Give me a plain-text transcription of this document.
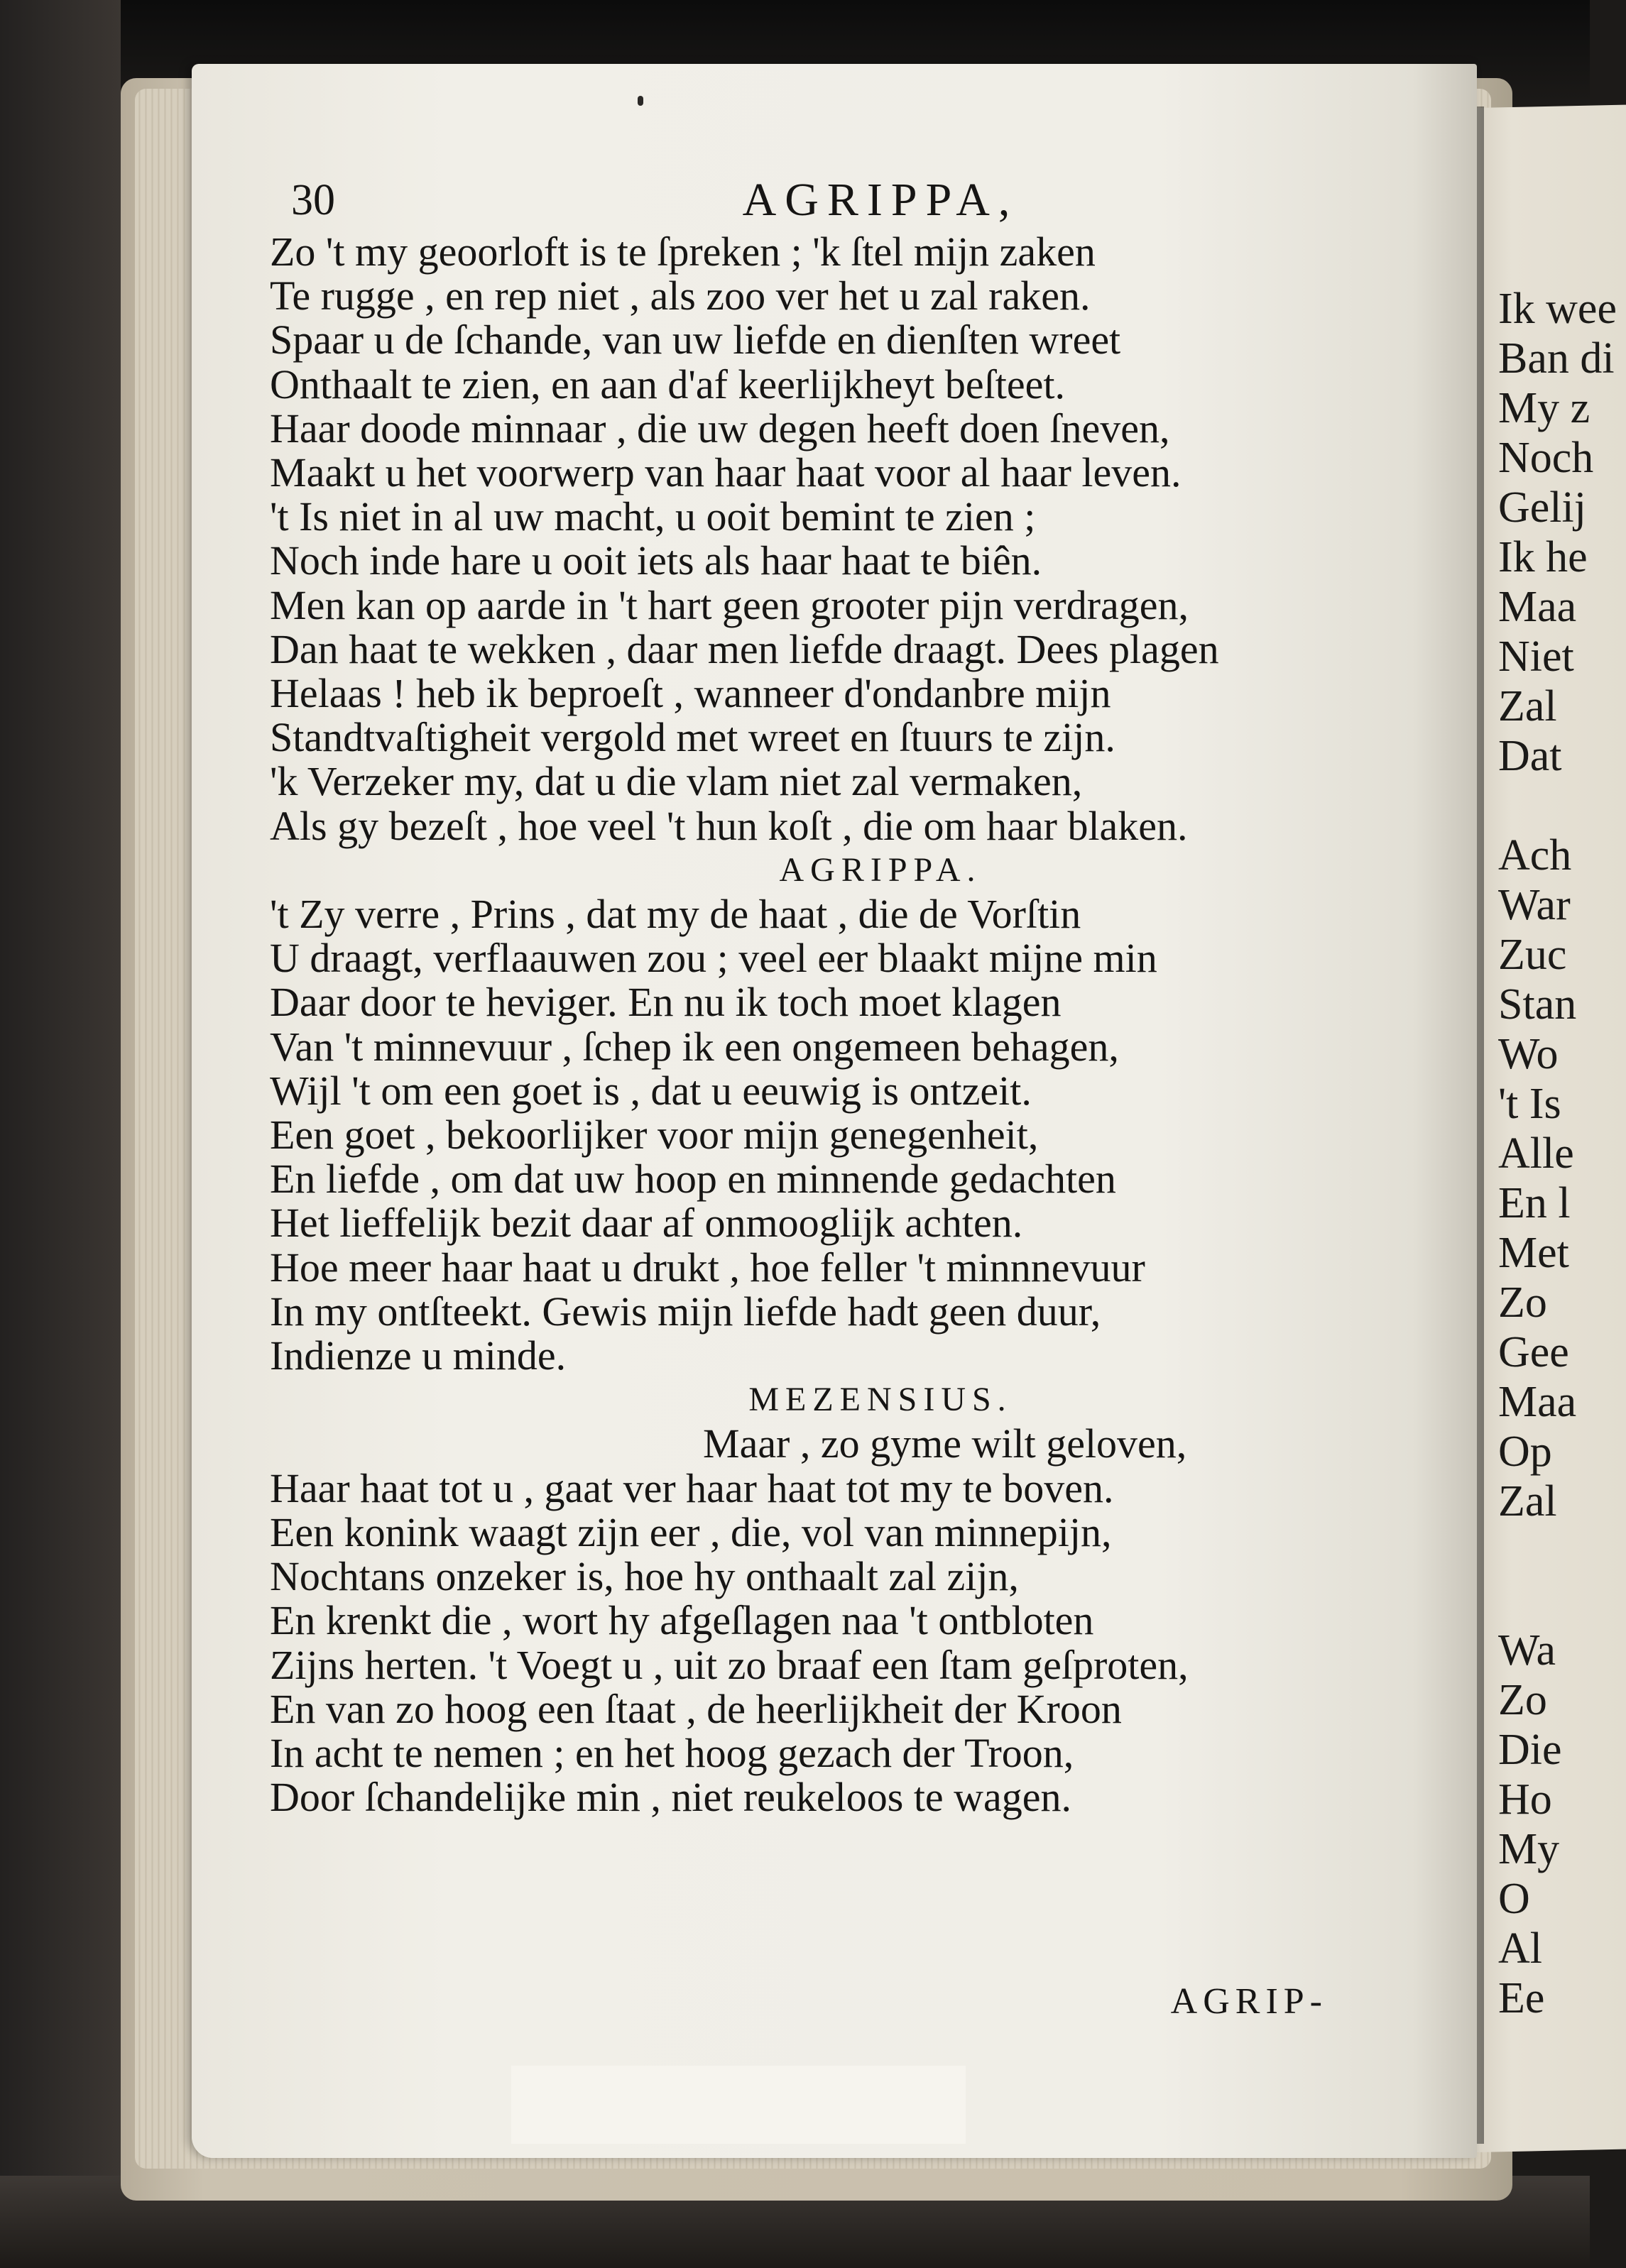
Ik wee
Ban di
My z
Noch
Gelij
Ik he
Maa
Niet
Zal
Dat

Ach
War
Zuc
Stan
Wo
't Is
Alle
En l
Met
Zo
Gee
Maa
Op
Zal

Wa
Zo
Die
Ho
My
O
Al
Ee
30	AGRIPPA,
Zo 't my geoorloft is te ſpreken ; 'k ſtel mijn zaken
Te rugge , en rep niet , als zoo ver het u zal raken.
Spaar u de ſchande, van uw liefde en dienſten wreet
Onthaalt te zien, en aan d'af keerlijkheyt beſteet.
Haar doode minnaar , die uw degen heeft doen ſneven,
Maakt u het voorwerp van haar haat voor al haar leven.
't Is niet in al uw macht, u ooit bemint te zien ;
Noch inde hare u ooit iets als haar haat te biên.
Men kan op aarde in 't hart geen grooter pijn verdragen,
Dan haat te wekken , daar men liefde draagt. Dees plagen
Helaas ! heb ik beproeſt , wanneer d'ondanbre mijn
Standtvaſtigheit vergold met wreet en ſtuurs te zijn.
'k Verzeker my, dat u die vlam niet zal vermaken,
Als gy bezeſt , hoe veel 't hun koſt , die om haar blaken.
AGRIPPA.
't Zy verre , Prins , dat my de haat , die de Vorſtin
U draagt, verflaauwen zou ; veel eer blaakt mijne min
Daar door te heviger. En nu ik toch moet klagen
Van 't minnevuur , ſchep ik een ongemeen behagen,
Wijl 't om een goet is , dat u eeuwig is ontzeit.
Een goet , bekoorlijker voor mijn genegenheit,
En liefde , om dat uw hoop en minnende gedachten
Het lieffelijk bezit daar af onmooglijk achten.
Hoe meer haar haat u drukt , hoe feller 't minnnevuur
In my ontſteekt. Gewis mijn liefde hadt geen duur,
Indienze u minde.
MEZENSIUS.
Maar , zo gyme wilt geloven,
Haar haat tot u , gaat ver haar haat tot my te boven.
Een konink waagt zijn eer , die, vol van minnepijn,
Nochtans onzeker is, hoe hy onthaalt zal zijn,
En krenkt die , wort hy afgeſlagen naa 't ontbloten
Zijns herten. 't Voegt u , uit zo braaf een ſtam geſproten,
En van zo hoog een ſtaat , de heerlijkheit der Kroon
In acht te nemen ; en het hoog gezach der Troon,
Door ſchandelijke min , niet reukeloos te wagen.
AGRIP-
